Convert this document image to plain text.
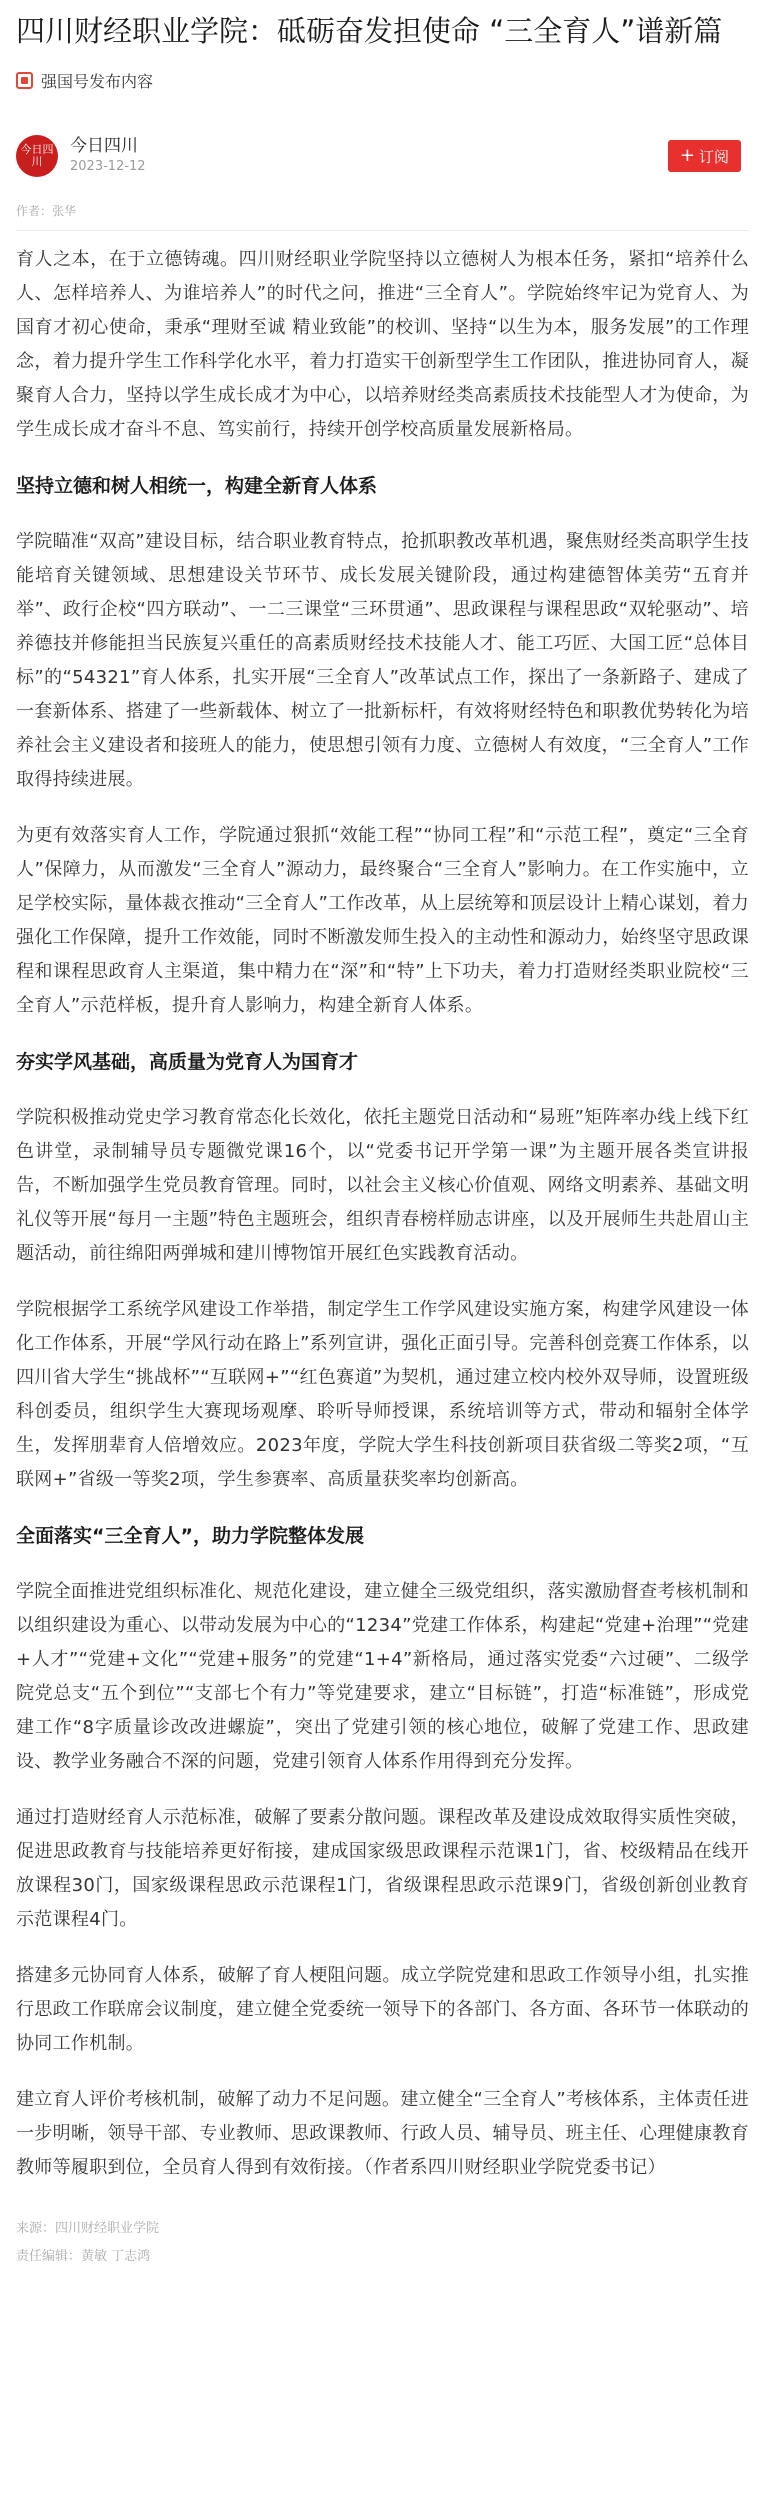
四川财经职业学院：砥砺奋发担使命 “三全育人”谱新篇
强国号发布内容
今日四川
今日四川
2023-12-12
+ 订阅
作者：张华

育人之本，在于立德铸魂。四川财经职业学院坚持以立德树人为根本任务，紧扣“培养什么人、怎样培养人、为谁培养人”的时代之问，推进“三全育人”。学院始终牢记为党育人、为国育才初心使命，秉承“理财至诚 精业致能”的校训、坚持“以生为本，服务发展”的工作理念，着力提升学生工作科学化水平，着力打造实干创新型学生工作团队，推进协同育人，凝聚育人合力，坚持以学生成长成才为中心，以培养财经类高素质技术技能型人才为使命，为学生成长成才奋斗不息、笃实前行，持续开创学校高质量发展新格局。

坚持立德和树人相统一，构建全新育人体系

学院瞄准“双高”建设目标，结合职业教育特点，抢抓职教改革机遇，聚焦财经类高职学生技能培育关键领域、思想建设关节环节、成长发展关键阶段，通过构建德智体美劳“五育并举”、政行企校“四方联动”、一二三课堂“三环贯通”、思政课程与课程思政“双轮驱动”、培养德技并修能担当民族复兴重任的高素质财经技术技能人才、能工巧匠、大国工匠“总体目标”的“54321”育人体系，扎实开展“三全育人”改革试点工作，探出了一条新路子、建成了一套新体系、搭建了一些新载体、树立了一批新标杆，有效将财经特色和职教优势转化为培养社会主义建设者和接班人的能力，使思想引领有力度、立德树人有效度，“三全育人”工作取得持续进展。

为更有效落实育人工作，学院通过狠抓“效能工程”“协同工程”和“示范工程”，奠定“三全育人”保障力，从而激发“三全育人”源动力，最终聚合“三全育人”影响力。在工作实施中，立足学校实际，量体裁衣推动“三全育人”工作改革，从上层统筹和顶层设计上精心谋划，着力强化工作保障，提升工作效能，同时不断激发师生投入的主动性和源动力，始终坚守思政课程和课程思政育人主渠道，集中精力在“深”和“特”上下功夫，着力打造财经类职业院校“三全育人”示范样板，提升育人影响力，构建全新育人体系。

夯实学风基础，高质量为党育人为国育才

学院积极推动党史学习教育常态化长效化，依托主题党日活动和“易班”矩阵率办线上线下红色讲堂，录制辅导员专题微党课16个，以“党委书记开学第一课”为主题开展各类宣讲报告，不断加强学生党员教育管理。同时，以社会主义核心价值观、网络文明素养、基础文明礼仪等开展“每月一主题”特色主题班会，组织青春榜样励志讲座，以及开展师生共赴眉山主题活动，前往绵阳两弹城和建川博物馆开展红色实践教育活动。

学院根据学工系统学风建设工作举措，制定学生工作学风建设实施方案，构建学风建设一体化工作体系，开展“学风行动在路上”系列宣讲，强化正面引导。完善科创竞赛工作体系，以四川省大学生“挑战杯”“互联网+”“红色赛道”为契机，通过建立校内校外双导师，设置班级科创委员，组织学生大赛现场观摩、聆听导师授课，系统培训等方式，带动和辐射全体学生，发挥朋辈育人倍增效应。2023年度，学院大学生科技创新项目获省级二等奖2项，“互联网+”省级一等奖2项，学生参赛率、高质量获奖率均创新高。

全面落实“三全育人”，助力学院整体发展

学院全面推进党组织标准化、规范化建设，建立健全三级党组织，落实激励督查考核机制和以组织建设为重心、以带动发展为中心的“1234”党建工作体系，构建起“党建+治理”“党建+人才”“党建+文化”“党建+服务”的党建“1+4”新格局，通过落实党委“六过硬”、二级学院党总支“五个到位”“支部七个有力”等党建要求，建立“目标链”，打造“标准链”，形成党建工作“8字质量诊改改进螺旋”，突出了党建引领的核心地位，破解了党建工作、思政建设、教学业务融合不深的问题，党建引领育人体系作用得到充分发挥。

通过打造财经育人示范标准，破解了要素分散问题。课程改革及建设成效取得实质性突破，促进思政教育与技能培养更好衔接，建成国家级思政课程示范课1门，省、校级精品在线开放课程30门，国家级课程思政示范课程1门，省级课程思政示范课9门，省级创新创业教育示范课程4门。

搭建多元协同育人体系，破解了育人梗阻问题。成立学院党建和思政工作领导小组，扎实推行思政工作联席会议制度，建立健全党委统一领导下的各部门、各方面、各环节一体联动的协同工作机制。

建立育人评价考核机制，破解了动力不足问题。建立健全“三全育人”考核体系，主体责任进一步明晰，领导干部、专业教师、思政课教师、行政人员、辅导员、班主任、心理健康教育教师等履职到位，全员育人得到有效衔接。（作者系四川财经职业学院党委书记）

来源：四川财经职业学院
责任编辑：黄敏 丁志鸿
